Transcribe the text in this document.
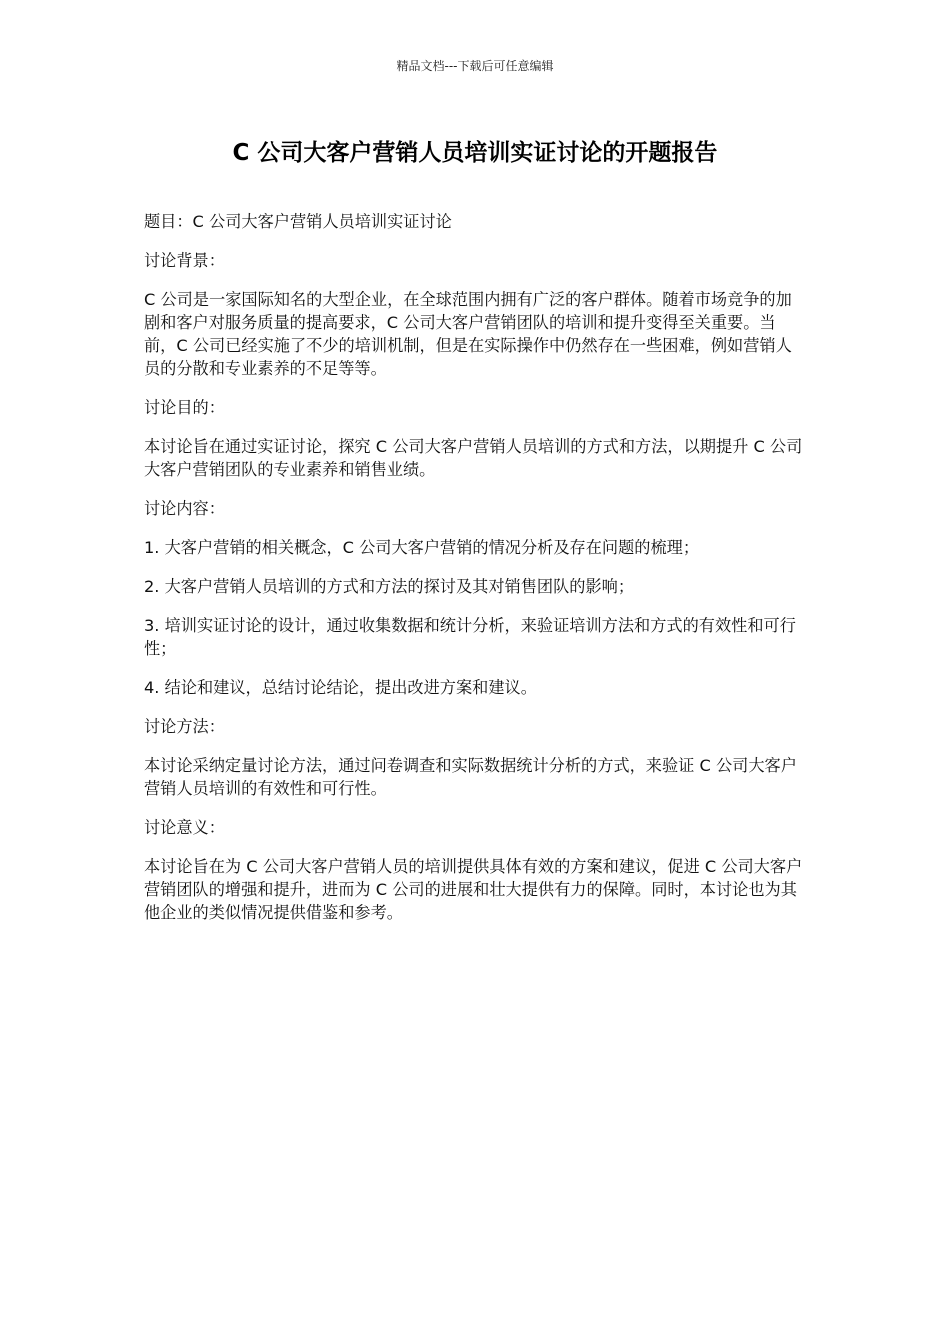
精品文档---下载后可任意编辑
C 公司大客户营销人员培训实证讨论的开题报告

题目：C 公司大客户营销人员培训实证讨论

讨论背景：

C 公司是一家国际知名的大型企业，在全球范围内拥有广泛的客户群体。随着市场竞争的加剧和客户对服务质量的提高要求，C 公司大客户营销团队的培训和提升变得至关重要。当前，C 公司已经实施了不少的培训机制，但是在实际操作中仍然存在一些困难，例如营销人员的分散和专业素养的不足等等。

讨论目的：

本讨论旨在通过实证讨论，探究 C 公司大客户营销人员培训的方式和方法，以期提升 C 公司大客户营销团队的专业素养和销售业绩。

讨论内容：

1. 大客户营销的相关概念，C 公司大客户营销的情况分析及存在问题的梳理；

2. 大客户营销人员培训的方式和方法的探讨及其对销售团队的影响；

3. 培训实证讨论的设计，通过收集数据和统计分析，来验证培训方法和方式的有效性和可行性；

4. 结论和建议，总结讨论结论，提出改进方案和建议。

讨论方法：

本讨论采纳定量讨论方法，通过问卷调查和实际数据统计分析的方式，来验证 C 公司大客户营销人员培训的有效性和可行性。

讨论意义：

本讨论旨在为 C 公司大客户营销人员的培训提供具体有效的方案和建议，促进 C 公司大客户营销团队的增强和提升，进而为 C 公司的进展和壮大提供有力的保障。同时，本讨论也为其他企业的类似情况提供借鉴和参考。
